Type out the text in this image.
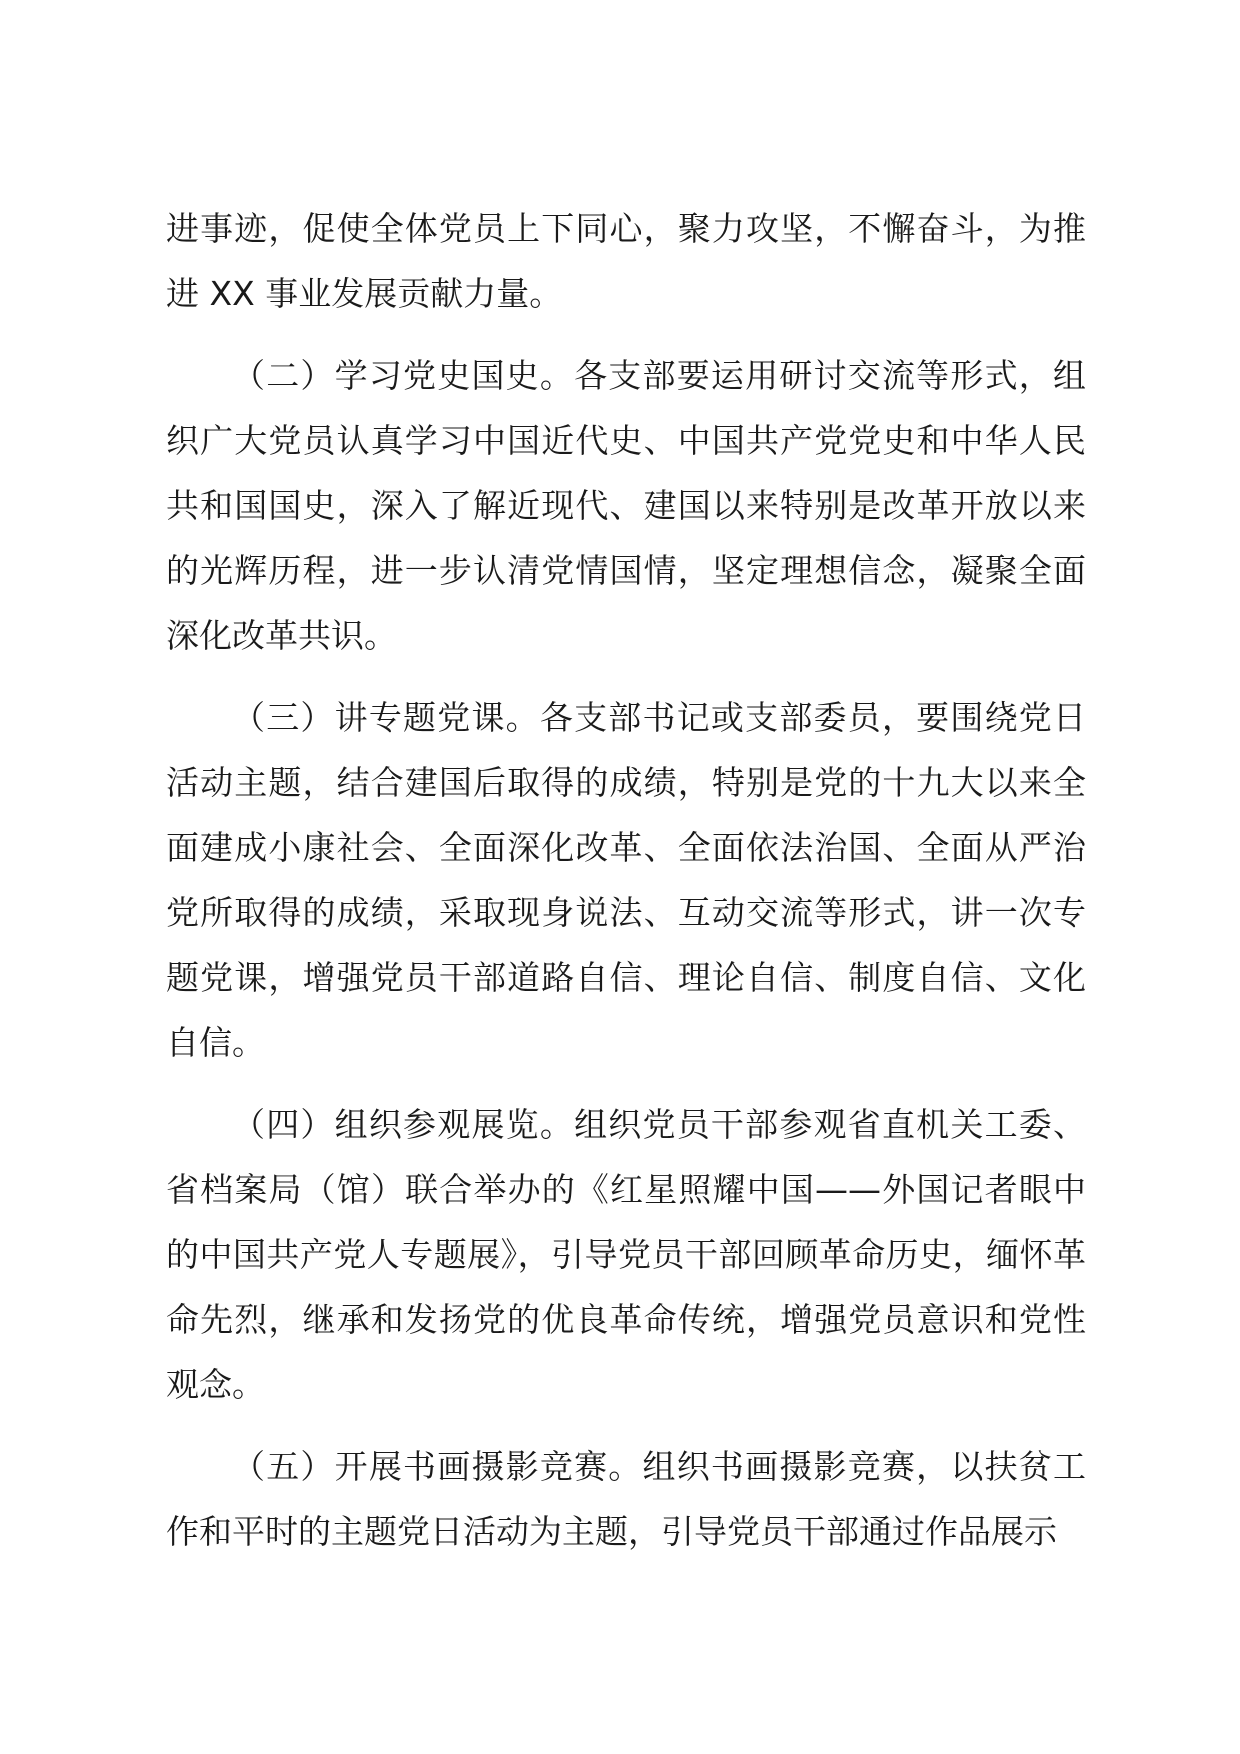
进事迹，促使全体党员上下同心，聚力攻坚，不懈奋斗，为推进 XX 事业发展贡献力量。

（二）学习党史国史。各支部要运用研讨交流等形式，组织广大党员认真学习中国近代史、中国共产党党史和中华人民共和国国史，深入了解近现代、建国以来特别是改革开放以来的光辉历程，进一步认清党情国情，坚定理想信念，凝聚全面深化改革共识。

（三）讲专题党课。各支部书记或支部委员，要围绕党日活动主题，结合建国后取得的成绩，特别是党的十九大以来全面建成小康社会、全面深化改革、全面依法治国、全面从严治党所取得的成绩，采取现身说法、互动交流等形式，讲一次专题党课，增强党员干部道路自信、理论自信、制度自信、文化自信。

（四）组织参观展览。组织党员干部参观省直机关工委、省档案局（馆）联合举办的《红星照耀中国——外国记者眼中的中国共产党人专题展》，引导党员干部回顾革命历史，缅怀革命先烈，继承和发扬党的优良革命传统，增强党员意识和党性观念。

（五）开展书画摄影竞赛。组织书画摄影竞赛，以扶贫工作和平时的主题党日活动为主题，引导党员干部通过作品展示
